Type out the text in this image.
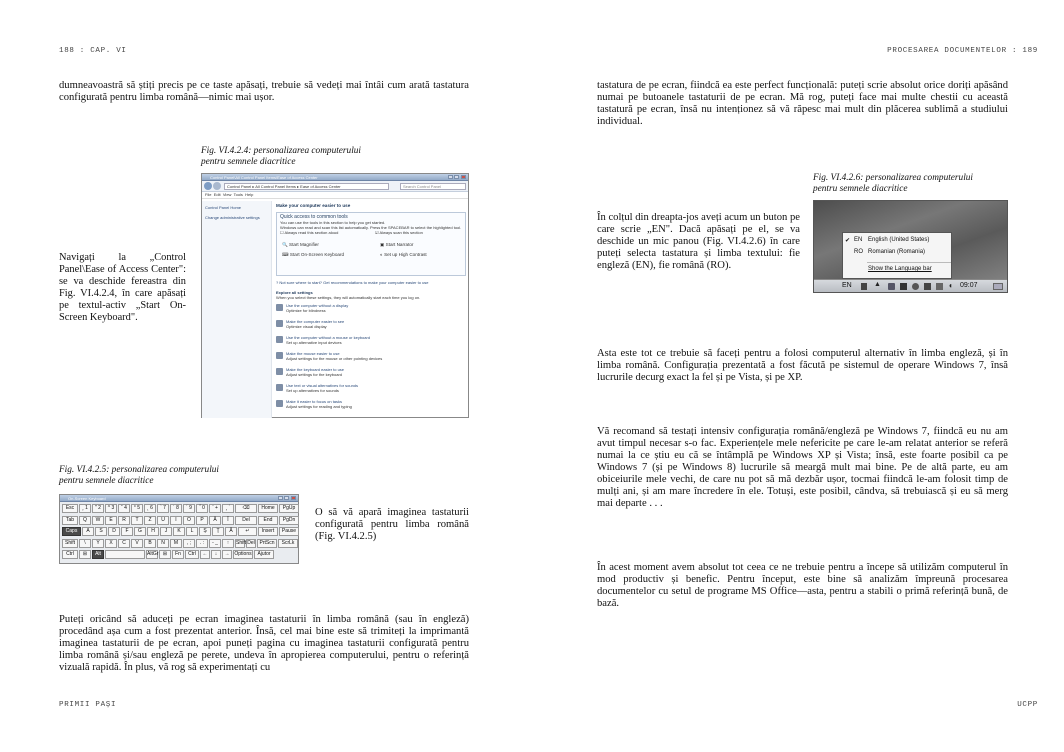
188 : CAP. VI
dumneavoastră să știți precis pe ce taste apăsați, trebuie să vedeți mai întâi cum arată tastatura configurată pentru limba română—nimic mai ușor.
Fig. VI.4.2.4: personalizarea computerului
pentru semnele diacritice
Control Panel\All Control Panel Items\Ease of Access Center
Control Panel ▸ All Control Panel Items ▸ Ease of Access Center	Search Control Panel
File Edit View Tools Help
Control Panel Home
Change administrative settings
Make your computer easier to use
Quick access to common tools
You can use the tools in this section to help you get started.
Windows can read and scan this list automatically. Press the SPACEBAR to select the highlighted tool.
☐ Always read this section aloud	☑ Always scan this section
🔍 Start Magnifier	▣ Start Narrator
⌨ Start On-Screen Keyboard	◐ Set up High Contrast
? Not sure where to start? Get recommendations to make your computer easier to use
Explore all settings
When you select these settings, they will automatically start each time you log on.
Use the computer without a display
Optimize for blindness
Make the computer easier to see
Optimize visual display
Use the computer without a mouse or keyboard
Set up alternative input devices
Make the mouse easier to use
Adjust settings for the mouse or other pointing devices
Make the keyboard easier to use
Adjust settings for the keyboard
Use text or visual alternatives for sounds
Set up alternatives for sounds
Make it easier to focus on tasks
Adjust settings for reading and typing
Navigați la „Control Panel\Ease of Access Center": se va deschide fereastra din Fig. VI.4.2.4, în care apăsați pe textul-activ „Start On-Screen Keyboard".
Fig. VI.4.2.5: personalizarea computerului
pentru semnele diacritice
On-Screen Keyboard
Esc	¸ 1	" 2	^ 3	˘ 4	° 5	˛ 6	` 7	˙ 8	´ 9	˝ 0	¨ +	¸ ´	⌫	Home	PgUp
Tab	Q	W	E	R	T	Z	U	I	O	P	Ă	Î	Del	End	PgDn
Caps	A	S	D	F	G	H	J	K	L	Ș	Ț	Â	↵	Insert	Pause
Shift	\	Y	X	C	V	B	N	M	, ;	. :	- _	↑	Shift Del PrtScn	ScrLk
Ctrl	⊞	Alt	AltGr ⊞	Fn	Ctrl	←	↓	→ Options	Ajutor
O să vă apară imaginea tastaturii configurată pentru limba română (Fig. VI.4.2.5)
Puteți oricând să aduceți pe ecran imaginea tastaturii în limba română (sau în engleză) procedând așa cum a fost prezentat anterior. Însă, cel mai bine este să trimiteți la imprimantă imaginea tastaturii de pe ecran, apoi puneți pagina cu imaginea tastaturii configurată pentru limba română și/sau engleză pe perete, undeva în apropierea computerului, pentru o referință vizuală rapidă. În plus, vă rog să experimentați cu
PRIMII PAȘI
PROCESAREA DOCUMENTELOR : 189
tastatura de pe ecran, fiindcă ea este perfect funcțională: puteți scrie absolut orice doriți apăsând numai pe butoanele tastaturii de pe ecran. Mă rog, puteți face mai multe chestii cu această tastatură pe ecran, însă nu intenționez să vă răpesc mai mult din plăcerea sublimă a studiului individual.
Fig. VI.4.2.6: personalizarea computerului
pentru semnele diacritice
✔ EN English (United States)
RO Romanian (Romania)
Show the Language bar
EN	▲	◖ 09:07
În colțul din dreapta-jos aveți acum un buton pe care scrie „EN". Dacă apăsați pe el, se va deschide un mic panou (Fig. VI.4.2.6) în care puteți selecta tastatura și limba textului: fie engleză (EN), fie română (RO).
Asta este tot ce trebuie să faceți pentru a folosi computerul alternativ în limba engleză, și în limba română. Configurația prezentată a fost făcută pe sistemul de operare Windows 7, însă lucrurile decurg exact la fel și pe Vista, și pe XP.
Vă recomand să testați intensiv configurația română/engleză pe Windows 7, fiindcă eu nu am avut timpul necesar s-o fac. Experiențele mele nefericite pe care le-am relatat anterior se referă numai la ce știu eu că se întâmplă pe Windows XP și Vista; însă, este foarte posibil ca pe Windows 7 (și pe Windows 8) lucrurile să meargă mult mai bine. Pe de altă parte, eu am obiceiurile mele vechi, de care nu pot să mă dezbăr ușor, tocmai fiindcă le-am folosit timp de mulți ani, și am mare încredere în ele. Totuși, este posibil, cândva, să trebuiască și eu să merg mai departe . . .
În acest moment avem absolut tot ceea ce ne trebuie pentru a începe să utilizăm computerul în mod productiv și benefic. Pentru început, este bine să analizăm împreună procesarea documentelor cu setul de programe MS Office—asta, pentru a stabili o primă referință bună, de bază.
UCPP
